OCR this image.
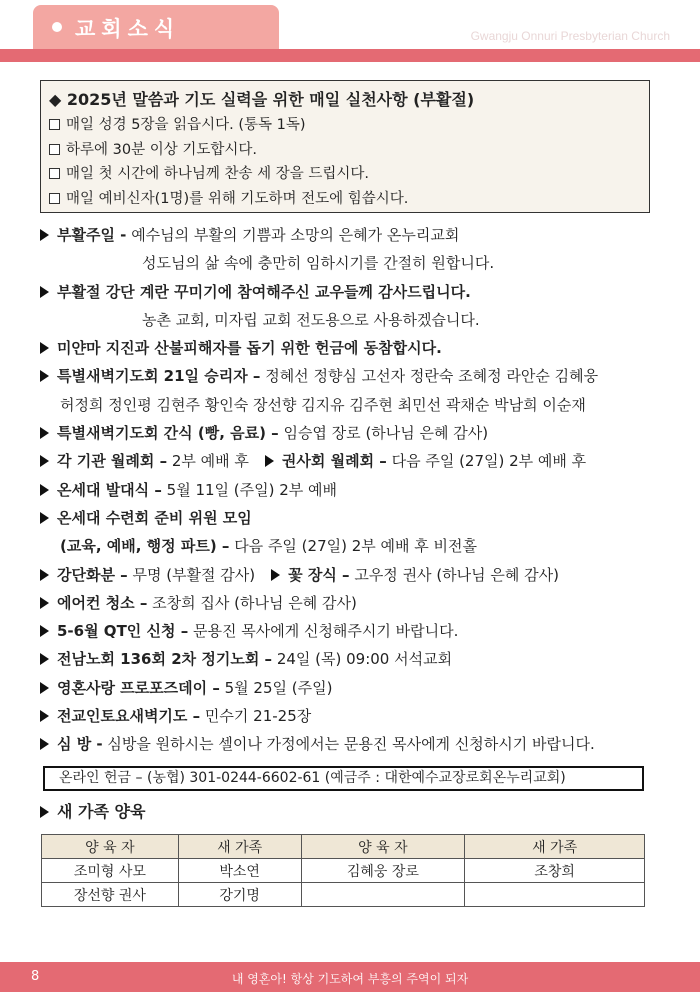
교회소식	Gwangju Onnuri Presbyterian Church
◆ 2025년 말씀과 기도 실력을 위한 매일 실천사항 (부활절)
매일 성경 5장을 읽읍시다. (통독 1독)
하루에 30분 이상 기도합시다.
매일 첫 시간에 하나님께 찬송 세 장을 드립시다.
매일 예비신자(1명)를 위해 기도하며 전도에 힘씁시다.
부활주일 - 예수님의 부활의 기쁨과 소망의 은혜가 온누리교회
성도님의 삶 속에 충만히 임하시기를 간절히 원합니다.
부활절 강단 계란 꾸미기에 참여해주신 교우들께 감사드립니다.
농촌 교회, 미자립 교회 전도용으로 사용하겠습니다.
미얀마 지진과 산불피해자를 돕기 위한 헌금에 동참합시다.
특별새벽기도회 21일 승리자 – 정혜선 정향심 고선자 정란숙 조혜정 라안순 김혜웅
허정희 정인평 김현주 황인숙 장선향 김지유 김주현 최민선 곽채순 박남희 이순재
특별새벽기도회 간식 (빵, 음료) – 임승엽 장로 (하나님 은혜 감사)
각 기관 월례회 – 2부 예배 후 권사회 월례회 – 다음 주일 (27일) 2부 예배 후
온세대 발대식 – 5월 11일 (주일) 2부 예배
온세대 수련회 준비 위원 모임
(교육, 예배, 행정 파트) – 다음 주일 (27일) 2부 예배 후 비전홀
강단화분 – 무명 (부활절 감사) 꽃 장식 – 고우정 권사 (하나님 은혜 감사)
에어컨 청소 – 조창희 집사 (하나님 은혜 감사)
5-6월 QT인 신청 – 문용진 목사에게 신청해주시기 바랍니다.
전남노회 136회 2차 정기노회 – 24일 (목) 09:00 서석교회
영혼사랑 프로포즈데이 – 5월 25일 (주일)
전교인토요새벽기도 – 민수기 21-25장
심 방 - 심방을 원하시는 셀이나 가정에서는 문용진 목사에게 신청하시기 바랍니다.
온라인 헌금 – (농협) 301-0244-6602-61 (예금주 : 대한예수교장로회온누리교회)
새 가족 양육
양 육 자	새 가족	양 육 자	새 가족
조미형 사모	박소연	김혜웅 장로	조창희
장선향 권사	강기명		
8	내 영혼아! 항상 기도하여 부흥의 주역이 되자
